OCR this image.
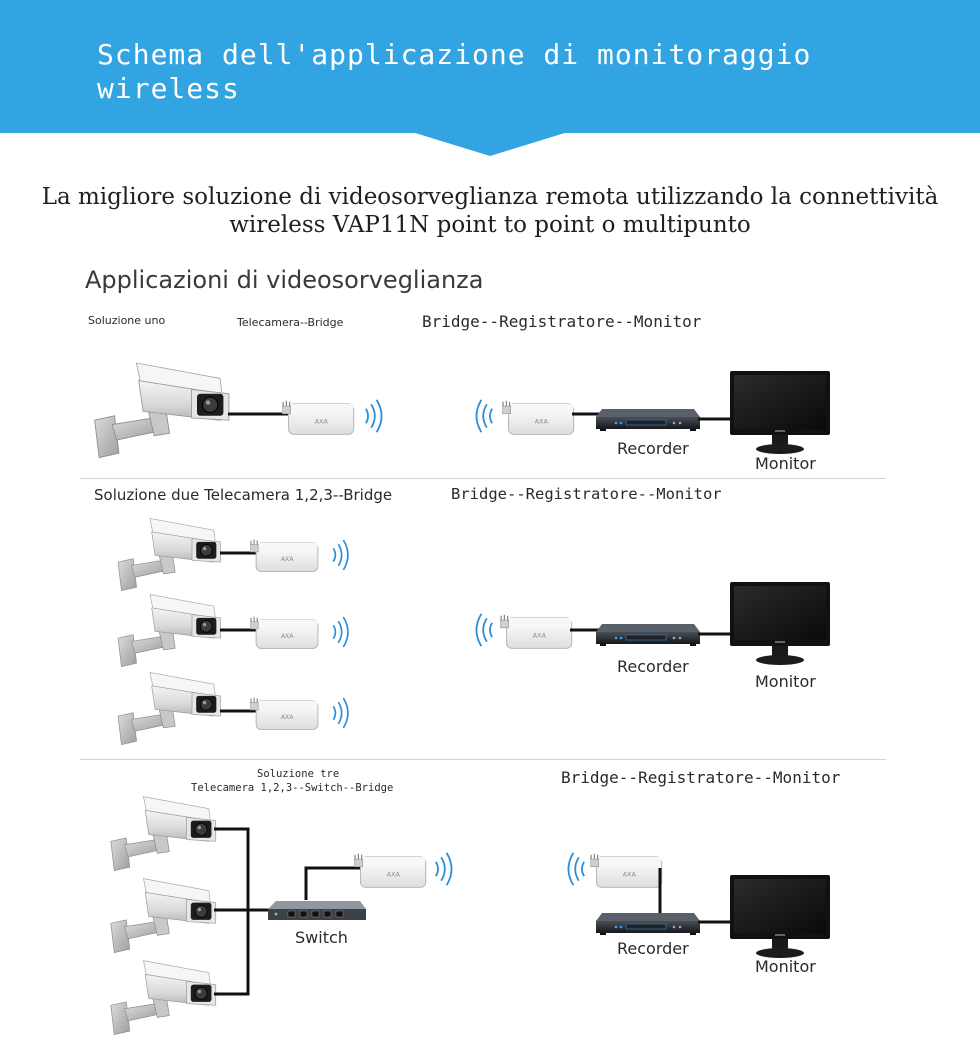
Schema dell'applicazione di monitoraggio wireless
La migliore soluzione di videosorveglianza remota utilizzando la connettività
wireless VAP11N point to point o multipunto
Applicazioni di videosorveglianza
Soluzione uno	Telecamera--Bridge	Bridge--Registratore--Monitor
Recorder
Monitor
Soluzione due Telecamera 1,2,3--Bridge	Bridge--Registratore--Monitor
Recorder
Monitor
Soluzione tre
Telecamera 1,2,3--Switch--Bridge
Bridge--Registratore--Monitor
Switch
Recorder
Monitor
